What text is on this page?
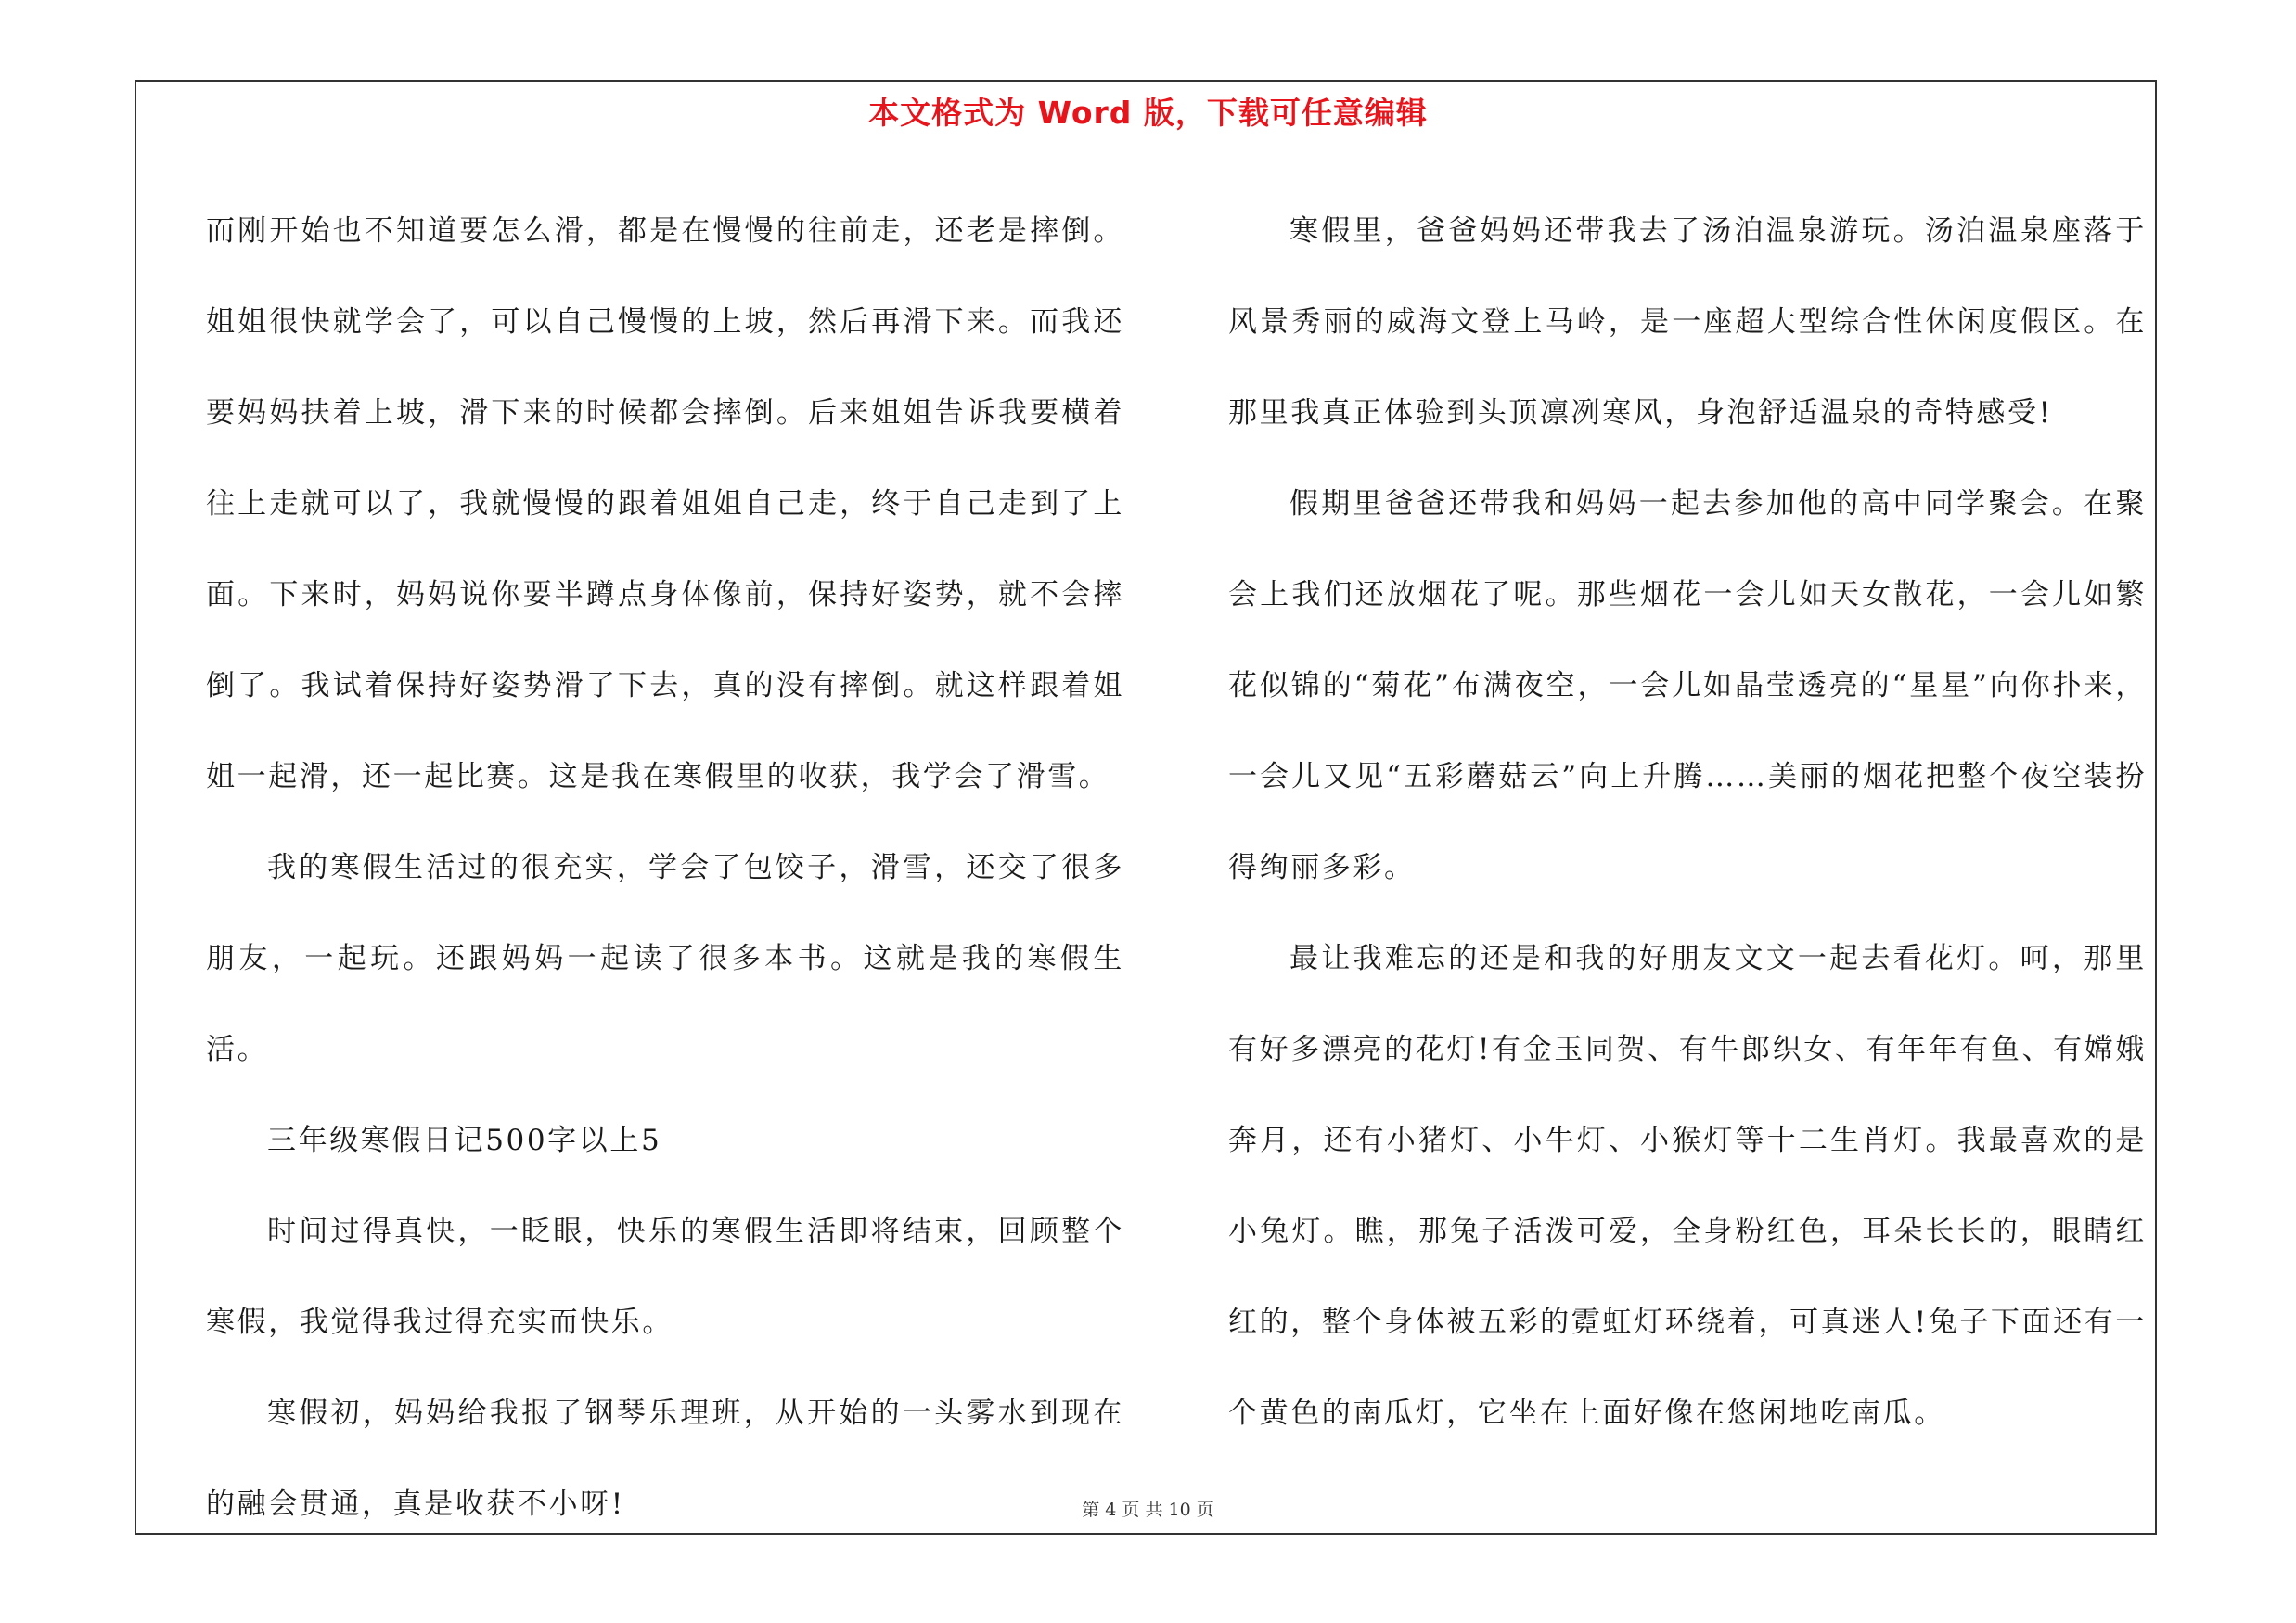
本文格式为 Word 版，下载可任意编辑

而刚开始也不知道要怎么滑，都是在慢慢的往前走，还老是摔倒。姐姐很快就学会了，可以自己慢慢的上坡，然后再滑下来。而我还要妈妈扶着上坡，滑下来的时候都会摔倒。后来姐姐告诉我要横着往上走就可以了，我就慢慢的跟着姐姐自己走，终于自己走到了上面。下来时，妈妈说你要半蹲点身体像前，保持好姿势，就不会摔倒了。我试着保持好姿势滑了下去，真的没有摔倒。就这样跟着姐姐一起滑，还一起比赛。这是我在寒假里的收获，我学会了滑雪。

我的寒假生活过的很充实，学会了包饺子，滑雪，还交了很多朋友，一起玩。还跟妈妈一起读了很多本书。这就是我的寒假生活。

三年级寒假日记500字以上5

时间过得真快，一眨眼，快乐的寒假生活即将结束，回顾整个寒假，我觉得我过得充实而快乐。

寒假初，妈妈给我报了钢琴乐理班，从开始的一头雾水到现在的融会贯通，真是收获不小呀!

寒假里，爸爸妈妈还带我去了汤泊温泉游玩。汤泊温泉座落于风景秀丽的威海文登上马岭，是一座超大型综合性休闲度假区。在那里我真正体验到头顶凛冽寒风，身泡舒适温泉的奇特感受!

假期里爸爸还带我和妈妈一起去参加他的高中同学聚会。在聚会上我们还放烟花了呢。那些烟花一会儿如天女散花，一会儿如繁花似锦的“菊花”布满夜空，一会儿如晶莹透亮的“星星”向你扑来，一会儿又见“五彩蘑菇云”向上升腾……美丽的烟花把整个夜空装扮得绚丽多彩。

最让我难忘的还是和我的好朋友文文一起去看花灯。呵，那里有好多漂亮的花灯!有金玉同贺、有牛郎织女、有年年有鱼、有嫦娥奔月，还有小猪灯、小牛灯、小猴灯等十二生肖灯。我最喜欢的是小兔灯。瞧，那兔子活泼可爱，全身粉红色，耳朵长长的，眼睛红红的，整个身体被五彩的霓虹灯环绕着，可真迷人!兔子下面还有一个黄色的南瓜灯，它坐在上面好像在悠闲地吃南瓜。

第 4 页 共 10 页
